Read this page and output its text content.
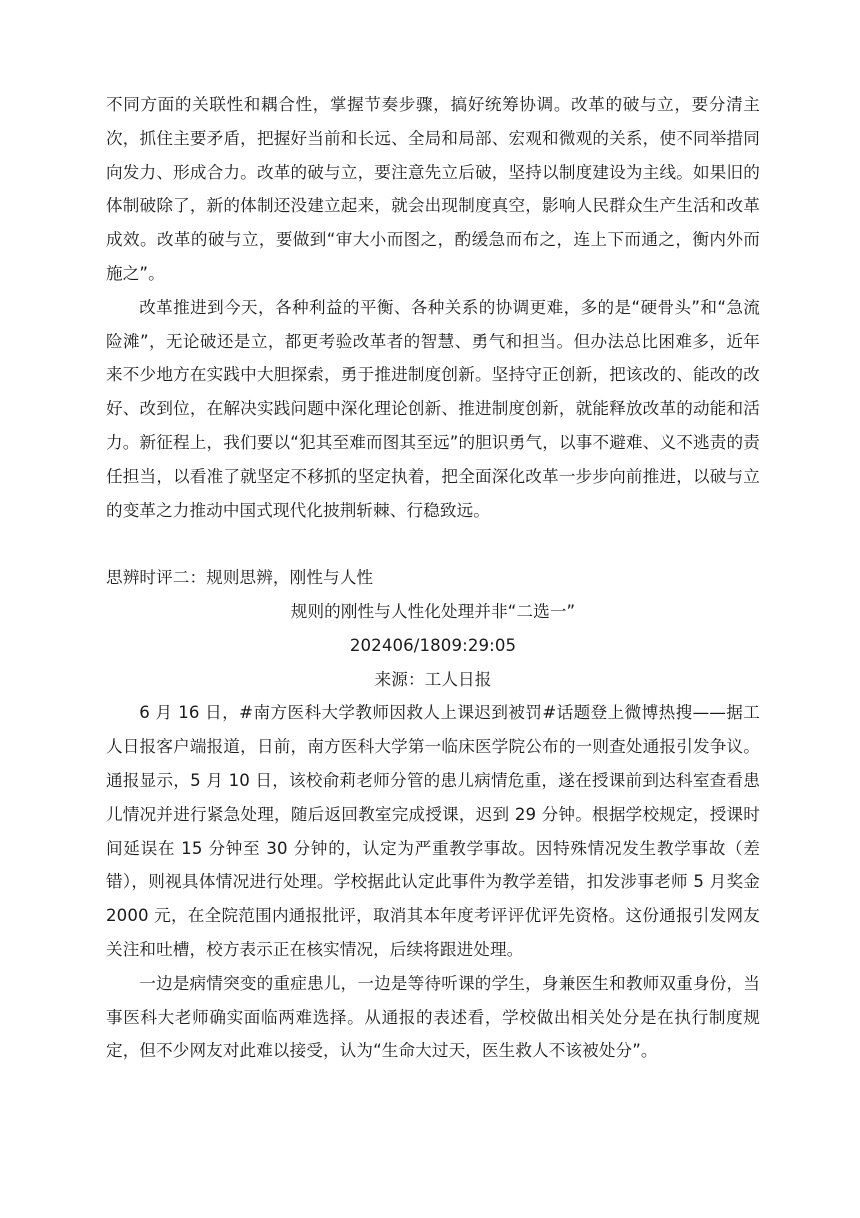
不同方面的关联性和耦合性，掌握节奏步骤，搞好统筹协调。改革的破与立，要分清主次，抓住主要矛盾，把握好当前和长远、全局和局部、宏观和微观的关系，使不同举措同向发力、形成合力。改革的破与立，要注意先立后破，坚持以制度建设为主线。如果旧的体制破除了，新的体制还没建立起来，就会出现制度真空，影响人民群众生产生活和改革成效。改革的破与立，要做到“审大小而图之，酌缓急而布之，连上下而通之，衡内外而施之”。

改革推进到今天，各种利益的平衡、各种关系的协调更难，多的是“硬骨头”和“急流险滩”，无论破还是立，都更考验改革者的智慧、勇气和担当。但办法总比困难多，近年来不少地方在实践中大胆探索，勇于推进制度创新。坚持守正创新，把该改的、能改的改好、改到位，在解决实践问题中深化理论创新、推进制度创新，就能释放改革的动能和活力。新征程上，我们要以“犯其至难而图其至远”的胆识勇气，以事不避难、义不逃责的责任担当，以看准了就坚定不移抓的坚定执着，把全面深化改革一步步向前推进，以破与立的变革之力推动中国式现代化披荆斩棘、行稳致远。

思辨时评二：规则思辨，刚性与人性

规则的刚性与人性化处理并非“二选一”

202406/1809:29:05

来源：工人日报

6 月 16 日，#南方医科大学教师因救人上课迟到被罚#话题登上微博热搜——据工人日报客户端报道，日前，南方医科大学第一临床医学院公布的一则查处通报引发争议。通报显示，5 月 10 日，该校俞莉老师分管的患儿病情危重，遂在授课前到达科室查看患儿情况并进行紧急处理，随后返回教室完成授课，迟到 29 分钟。根据学校规定，授课时间延误在 15 分钟至 30 分钟的，认定为严重教学事故。因特殊情况发生教学事故（差错），则视具体情况进行处理。学校据此认定此事件为教学差错，扣发涉事老师 5 月奖金 2000 元，在全院范围内通报批评，取消其本年度考评评优评先资格。这份通报引发网友关注和吐槽，校方表示正在核实情况，后续将跟进处理。

一边是病情突变的重症患儿，一边是等待听课的学生，身兼医生和教师双重身份，当事医科大老师确实面临两难选择。从通报的表述看，学校做出相关处分是在执行制度规定，但不少网友对此难以接受，认为“生命大过天，医生救人不该被处分”。
